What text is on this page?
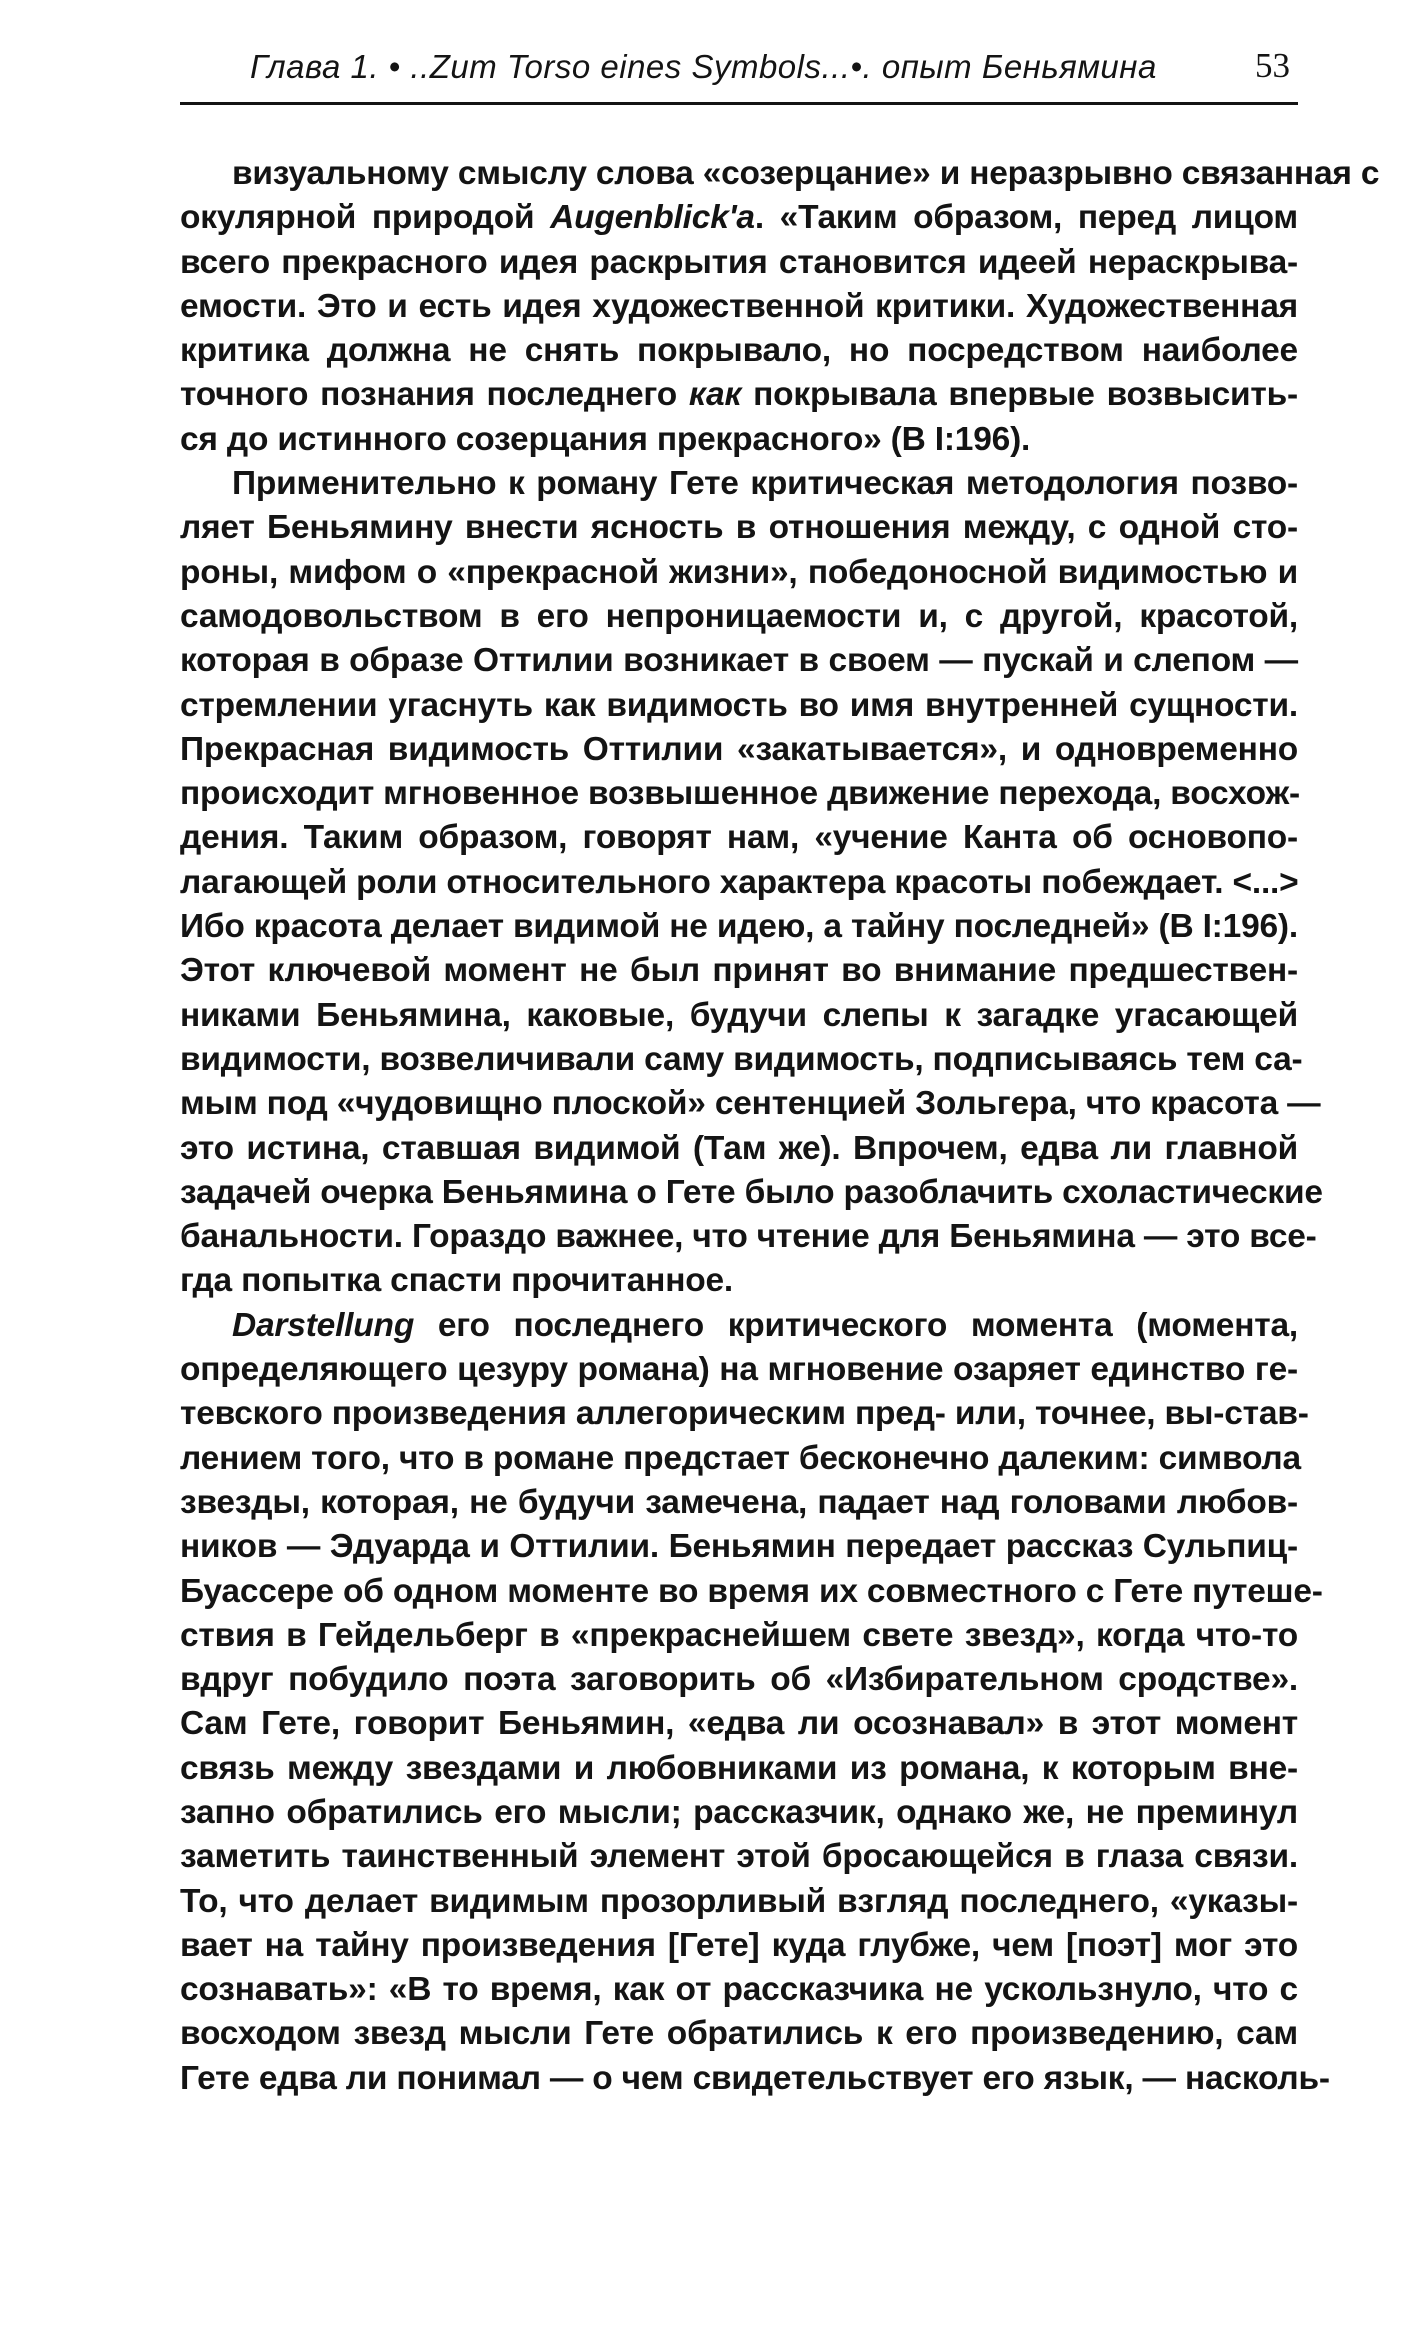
Глава 1. • ..Zum Torso eines Symbols...•. опыт Беньямина	53
визуальному смыслу слова «созерцание» и неразрывно связанная с
окулярной природой Augenblick'а. «Таким образом, перед лицом
всего прекрасного идея раскрытия становится идеей нераскрыва-
емости. Это и есть идея художественной критики. Художественная
критика должна не снять покрывало, но посредством наиболее
точного познания последнего как покрывала впервые возвысить-
ся до истинного созерцания прекрасного» (B I:196).
Применительно к роману Гете критическая методология позво-
ляет Беньямину внести ясность в отношения между, с одной сто-
роны, мифом о «прекрасной жизни», победоносной видимостью и
самодовольством в его непроницаемости и, с другой, красотой,
которая в образе Оттилии возникает в своем — пускай и слепом —
стремлении угаснуть как видимость во имя внутренней сущности.
Прекрасная видимость Оттилии «закатывается», и одновременно
происходит мгновенное возвышенное движение перехода, восхож-
дения. Таким образом, говорят нам, «учение Канта об основопо-
лагающей роли относительного характера красоты побеждает. <...>
Ибо красота делает видимой не идею, а тайну последней» (B I:196).
Этот ключевой момент не был принят во внимание предшествен-
никами Беньямина, каковые, будучи слепы к загадке угасающей
видимости, возвеличивали саму видимость, подписываясь тем са-
мым под «чудовищно плоской» сентенцией Зольгера, что красота —
это истина, ставшая видимой (Там же). Впрочем, едва ли главной
задачей очерка Беньямина о Гете было разоблачить схоластические
банальности. Гораздо важнее, что чтение для Беньямина — это все-
гда попытка спасти прочитанное.
Darstellung его последнего критического момента (момента,
определяющего цезуру романа) на мгновение озаряет единство ге-
тевского произведения аллегорическим пред- или, точнее, вы-став-
лением того, что в романе предстает бесконечно далеким: символа
звезды, которая, не будучи замечена, падает над головами любов-
ников — Эдуарда и Оттилии. Беньямин передает рассказ Сульпиц-
Буассере об одном моменте во время их совместного с Гете путеше-
ствия в Гейдельберг в «прекраснейшем свете звезд», когда что-то
вдруг побудило поэта заговорить об «Избирательном сродстве».
Сам Гете, говорит Беньямин, «едва ли осознавал» в этот момент
связь между звездами и любовниками из романа, к которым вне-
запно обратились его мысли; рассказчик, однако же, не преминул
заметить таинственный элемент этой бросающейся в глаза связи.
То, что делает видимым прозорливый взгляд последнего, «указы-
вает на тайну произведения [Гете] куда глубже, чем [поэт] мог это
сознавать»: «В то время, как от рассказчика не ускользнуло, что с
восходом звезд мысли Гете обратились к его произведению, сам
Гете едва ли понимал — о чем свидетельствует его язык, — насколь-
